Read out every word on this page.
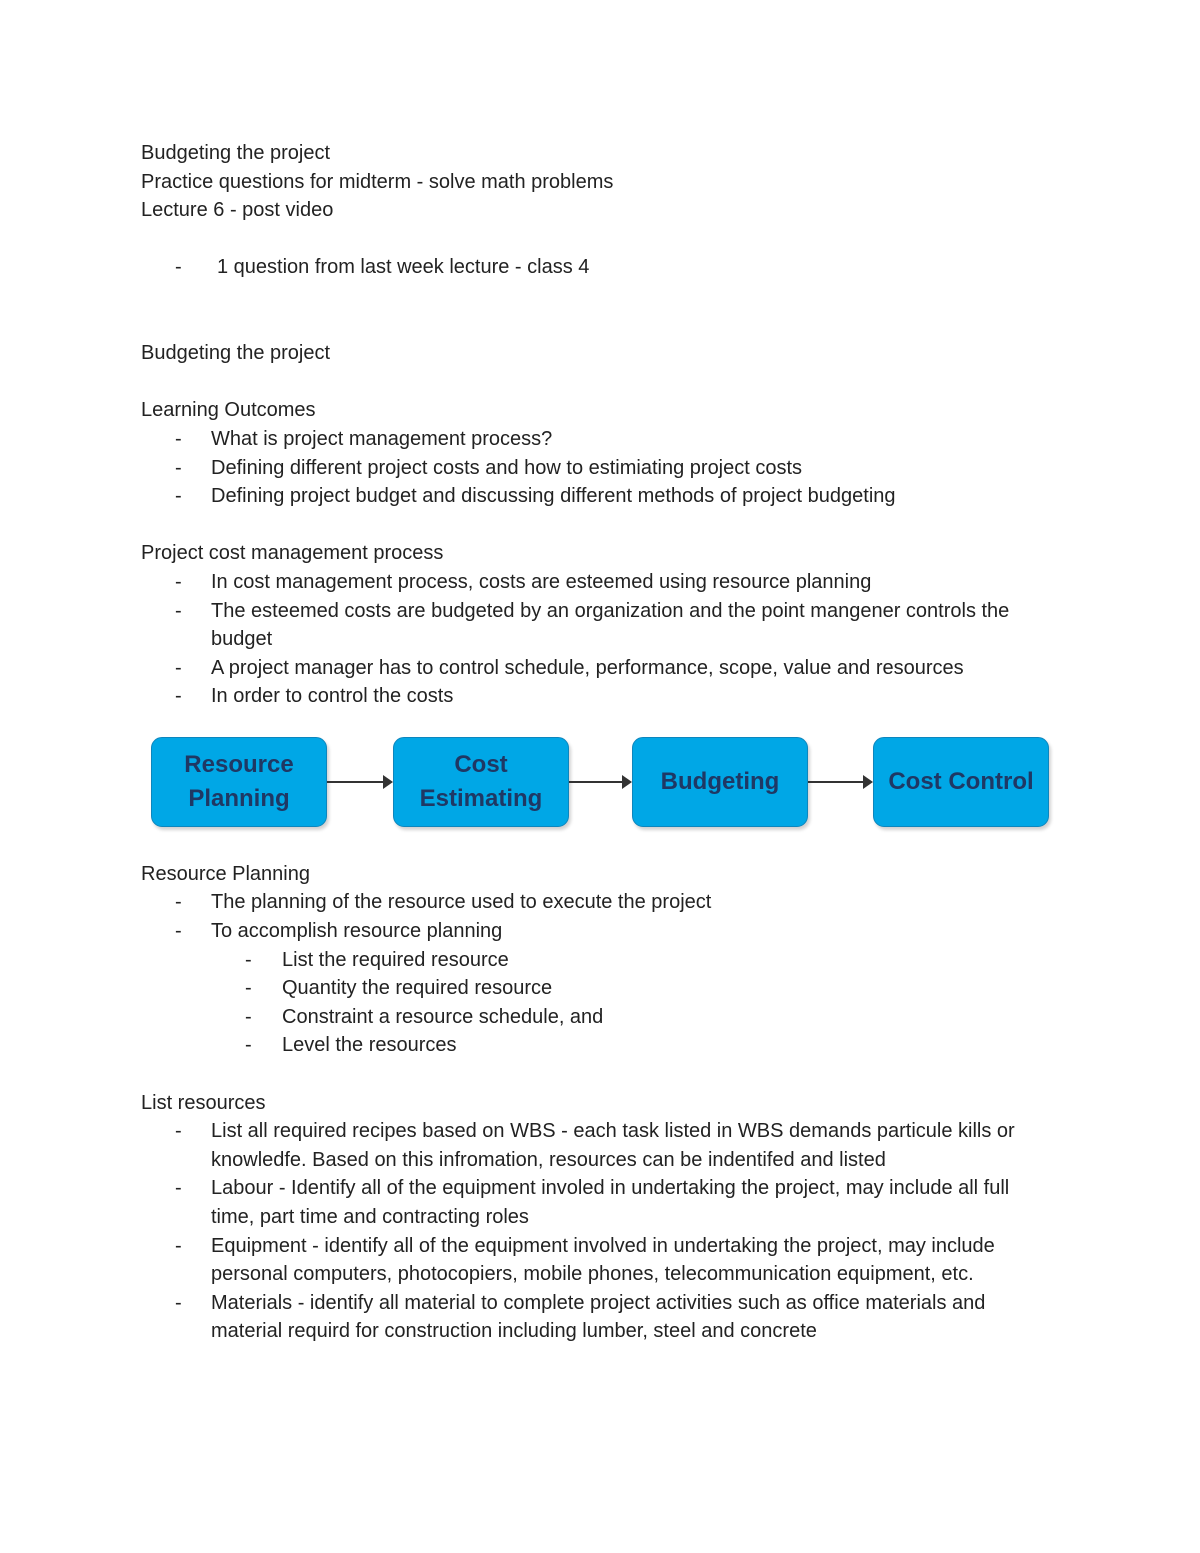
Budgeting the project

Practice questions for midterm - solve math problems

Lecture 6 - post video

- 1 question from last week lecture - class 4

Budgeting the project

Learning Outcomes

- What is project management process?
- Defining different project costs and how to estimiating project costs
- Defining project budget and discussing different methods of project budgeting

Project cost management process

- In cost management process, costs are esteemed using resource planning
- The esteemed costs are budgeted by an organization and the point mangener controls the budget
- A project manager has to control schedule, performance, scope, value and resources
- In order to control the costs
Resource
Planning
Cost
Estimating
Budgeting	Cost Control

Resource Planning

- The planning of the resource used to execute the project
- To accomplish resource planning
- List the required resource
- Quantity the required resource
- Constraint a resource schedule, and
- Level the resources

List resources

- List all required recipes based on WBS - each task listed in WBS demands particule kills or knowledfe. Based on this infromation, resources can be indentifed and listed
- Labour - Identify all of the equipment involed in undertaking the project, may include all full time, part time and contracting roles
- Equipment - identify all of the equipment involved in undertaking the project, may include personal computers, photocopiers, mobile phones, telecommunication equipment, etc.
- Materials - identify all material to complete project activities such as office materials and material requird for construction including lumber, steel and concrete
